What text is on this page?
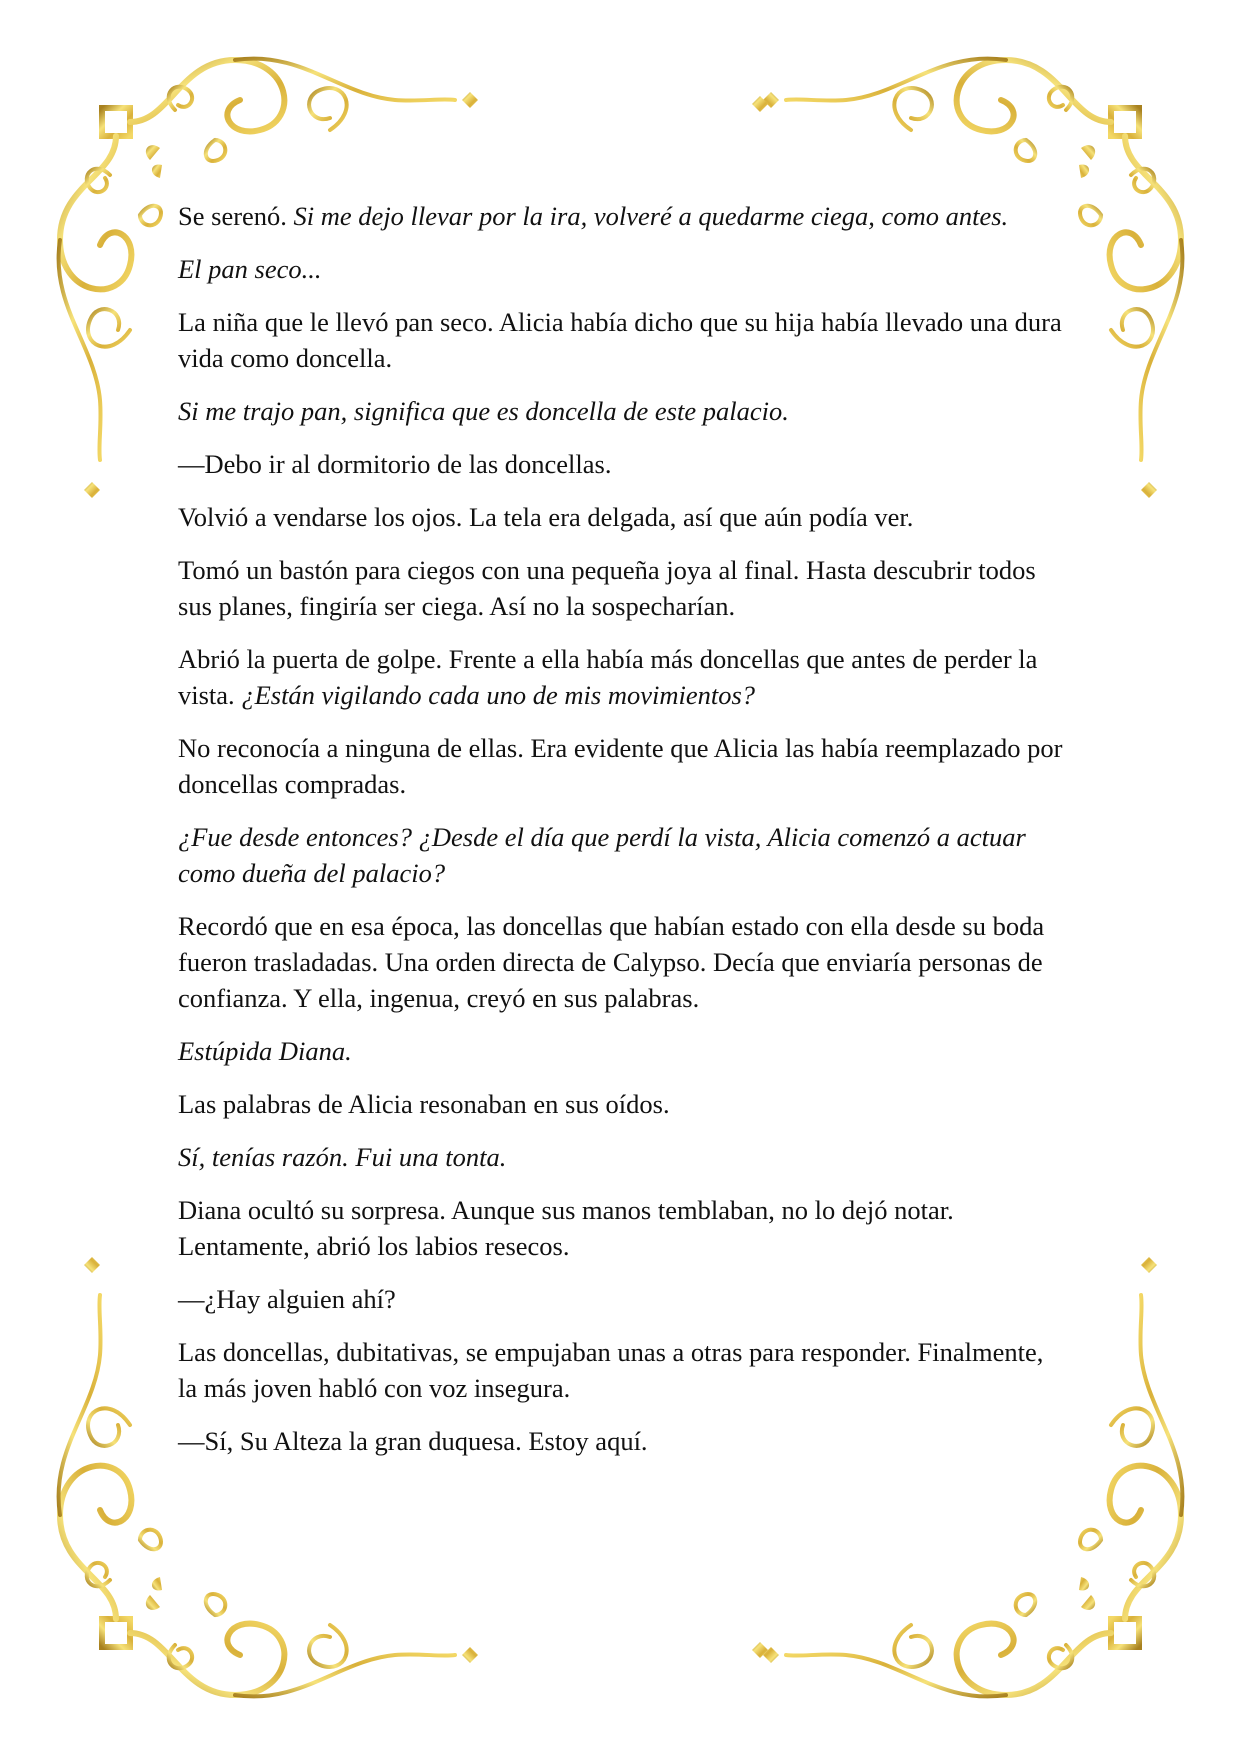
Se serenó. Si me dejo llevar por la ira, volveré a quedarme ciega, como antes.

El pan seco...

La niña que le llevó pan seco. Alicia había dicho que su hija había llevado una dura vida como doncella.

Si me trajo pan, significa que es doncella de este palacio.

—Debo ir al dormitorio de las doncellas.

Volvió a vendarse los ojos. La tela era delgada, así que aún podía ver.

Tomó un bastón para ciegos con una pequeña joya al final. Hasta descubrir todos sus planes, fingiría ser ciega. Así no la sospecharían.

Abrió la puerta de golpe. Frente a ella había más doncellas que antes de perder la vista. ¿Están vigilando cada uno de mis movimientos?

No reconocía a ninguna de ellas. Era evidente que Alicia las había reemplazado por doncellas compradas.

¿Fue desde entonces? ¿Desde el día que perdí la vista, Alicia comenzó a actuar como dueña del palacio?

Recordó que en esa época, las doncellas que habían estado con ella desde su boda fueron trasladadas. Una orden directa de Calypso. Decía que enviaría personas de confianza. Y ella, ingenua, creyó en sus palabras.

Estúpida Diana.

Las palabras de Alicia resonaban en sus oídos.

Sí, tenías razón. Fui una tonta.

Diana ocultó su sorpresa. Aunque sus manos temblaban, no lo dejó notar. Lentamente, abrió los labios resecos.

—¿Hay alguien ahí?

Las doncellas, dubitativas, se empujaban unas a otras para responder. Finalmente, la más joven habló con voz insegura.

—Sí, Su Alteza la gran duquesa. Estoy aquí.
